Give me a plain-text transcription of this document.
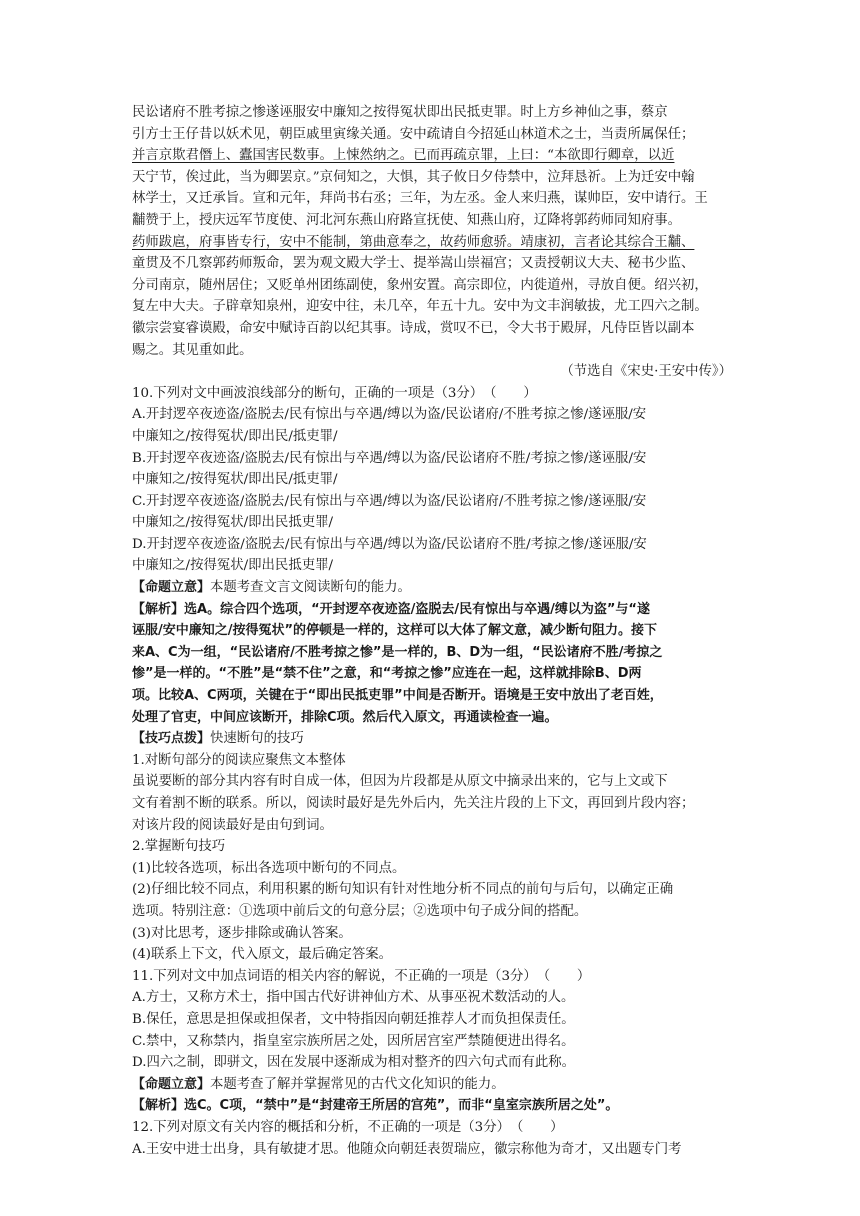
民讼诸府不胜考掠之惨遂诬服安中廉知之按得冤状即出民抵吏罪。时上方乡神仙之事，蔡京
引方士王仔昔以妖术见，朝臣戚里寅缘关通。安中疏请自今招延山林道术之士，当责所属保任；
并言京欺君僭上、蠹国害民数事。上悚然纳之。已而再疏京罪，上曰：“本欲即行卿章，以近
天宁节，俟过此，当为卿罢京。”京伺知之，大惧，其子攸日夕侍禁中，泣拜恳祈。上为迁安中翰
林学士，又迁承旨。宣和元年，拜尚书右丞；三年，为左丞。金人来归燕，谋帅臣，安中请行。王
黼赞于上，授庆远军节度使、河北河东燕山府路宣抚使、知燕山府，辽降将郭药师同知府事。
药师跋扈，府事皆专行，安中不能制，第曲意奉之，故药师愈骄。靖康初，言者论其综合王黼、
童贯及不几察郭药师叛命，罢为观文殿大学士、提举嵩山崇福宫；又责授朝议大夫、秘书少监、
分司南京，随州居住；又贬单州团练副使，象州安置。高宗即位，内徙道州，寻放自便。绍兴初，
复左中大夫。子辟章知泉州，迎安中往，未几卒，年五十九。安中为文丰润敏拔，尤工四六之制。
徽宗尝宴睿谟殿，命安中赋诗百韵以纪其事。诗成，赏叹不已，令大书于殿屏，凡侍臣皆以副本
赐之。其见重如此。
（节选自《宋史·王安中传》）
10.下列对文中画波浪线部分的断句，正确的一项是（3分）　（　　）
A.开封逻卒夜迹盗/盗脱去/民有惊出与卒遇/缚以为盗/民讼诸府/不胜考掠之惨/遂诬服/安
中廉知之/按得冤状/即出民/抵吏罪/
B.开封逻卒夜迹盗/盗脱去/民有惊出与卒遇/缚以为盗/民讼诸府不胜/考掠之惨/遂诬服/安
中廉知之/按得冤状/即出民/抵吏罪/
C.开封逻卒夜迹盗/盗脱去/民有惊出与卒遇/缚以为盗/民讼诸府/不胜考掠之惨/遂诬服/安
中廉知之/按得冤状/即出民抵吏罪/
D.开封逻卒夜迹盗/盗脱去/民有惊出与卒遇/缚以为盗/民讼诸府不胜/考掠之惨/遂诬服/安
中廉知之/按得冤状/即出民抵吏罪/
【命题立意】本题考查文言文阅读断句的能力。
【解析】选A。综合四个选项，“开封逻卒夜迹盗/盗脱去/民有惊出与卒遇/缚以为盗”与“遂
诬服/安中廉知之/按得冤状”的停顿是一样的，这样可以大体了解文意，减少断句阻力。接下
来A、C为一组，“民讼诸府/不胜考掠之惨”是一样的，B、D为一组，“民讼诸府不胜/考掠之
惨”是一样的。“不胜”是“禁不住”之意，和“考掠之惨”应连在一起，这样就排除B、D两
项。比较A、C两项，关键在于“即出民抵吏罪”中间是否断开。语境是王安中放出了老百姓，
处理了官吏，中间应该断开，排除C项。然后代入原文，再通读检查一遍。
【技巧点拨】快速断句的技巧
1.对断句部分的阅读应聚焦文本整体
虽说要断的部分其内容有时自成一体，但因为片段都是从原文中摘录出来的，它与上文或下
文有着割不断的联系。所以，阅读时最好是先外后内，先关注片段的上下文，再回到片段内容；
对该片段的阅读最好是由句到词。
2.掌握断句技巧
(1)比较各选项，标出各选项中断句的不同点。
(2)仔细比较不同点，利用积累的断句知识有针对性地分析不同点的前句与后句，以确定正确
选项。特别注意：①选项中前后文的句意分层；②选项中句子成分间的搭配。
(3)对比思考，逐步排除或确认答案。
(4)联系上下文，代入原文，最后确定答案。
11.下列对文中加点词语的相关内容的解说，不正确的一项是（3分）　（　　）
A.方士，又称方术士，指中国古代好讲神仙方术、从事巫祝术数活动的人。
B.保任，意思是担保或担保者，文中特指因向朝廷推荐人才而负担保责任。
C.禁中，又称禁内，指皇室宗族所居之处，因所居宫室严禁随便进出得名。
D.四六之制，即骈文，因在发展中逐渐成为相对整齐的四六句式而有此称。
【命题立意】本题考查了解并掌握常见的古代文化知识的能力。
【解析】选C。C项，“禁中”是“封建帝王所居的宫苑”，而非“皇室宗族所居之处”。
12.下列对原文有关内容的概括和分析，不正确的一项是（3分）　（　　）
A.王安中进士出身，具有敏捷才思。他随众向朝廷表贺瑞应，徽宗称他为奇才，又出题专门考
